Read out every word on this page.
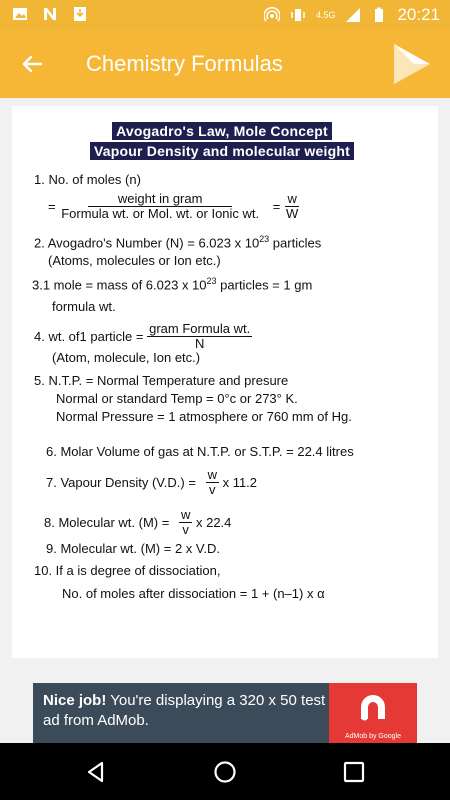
4.5G	20:21
Chemistry Formulas
Avogadro's Law, Mole Concept
Vapour Density and molecular weight
1. No. of moles (n)
= $\frac{\text{weight in gram}}{\text{Formula wt. or Mol. wt. or Ionic wt.}} = \frac{w}{W}$
2. Avogadro's Number (N) = 6.023 x $10^{23}$ particles
(Atoms, molecules or Ion etc.)
3.1 mole = mass of 6.023 x $10^{23}$ particles = 1 gm
formula wt.
4. wt. of1 particle = $\frac{\text{gram Formula wt.}}{N}$
(Atom, molecule, Ion etc.)
5. N.T.P. = Normal Temperature and presure
Normal or standard Temp = 0°c or 273° K.
Normal Pressure = 1 atmosphere or 760 mm of Hg.
6. Molar Volume of gas at N.T.P. or S.T.P. = 22.4 litres
7. Vapour Density $(V.D.) = \frac{w}{v}$ x 11.2
8. Molecular wt. $(M) = \frac{w}{v}$ x 22.4
9. Molecular wt. (M) = 2 x V.D.
10. If a is degree of dissociation,
No. of moles after dissociation = 1 + (n–1) x α
Nice job! You're displaying a 320 x 50 test ad from AdMob.
AdMob by Google
